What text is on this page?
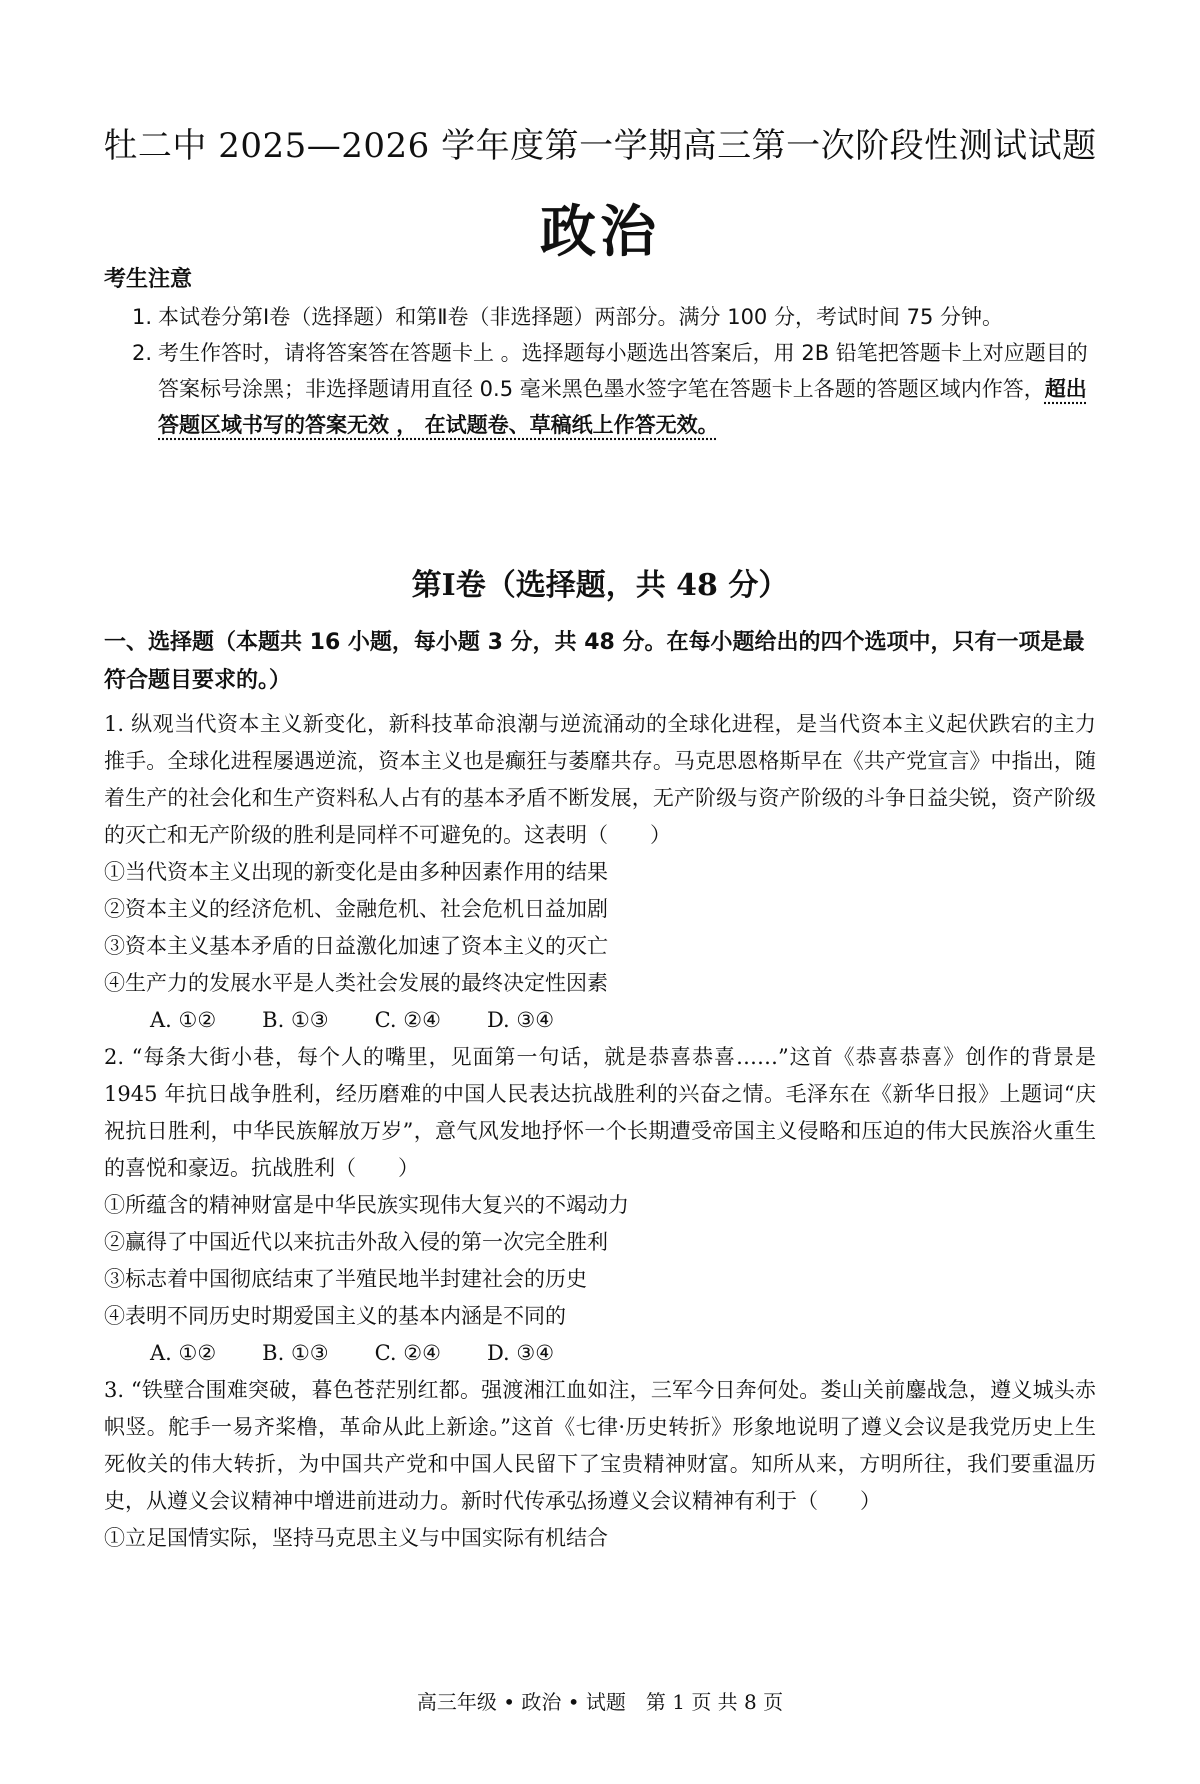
牡二中 2025—2026 学年度第一学期高三第一次阶段性测试试题
政治
考生注意
1. 本试卷分第Ⅰ卷（选择题）和第Ⅱ卷（非选择题）两部分。满分 100 分，考试时间 75 分钟。
2. 考生作答时，请将答案答在答题卡上 。选择题每小题选出答案后，用 2B 铅笔把答题卡上对应题目的答案标号涂黑；非选择题请用直径 0.5 毫米黑色墨水签字笔在答题卡上各题的答题区域内作答，超出答题区域书写的答案无效 ， 在试题卷、草稿纸上作答无效。
第Ⅰ卷（选择题，共 48 分）
一、选择题（本题共 16 小题，每小题 3 分，共 48 分。在每小题给出的四个选项中，只有一项是最符合题目要求的。）
1. 纵观当代资本主义新变化，新科技革命浪潮与逆流涌动的全球化进程，是当代资本主义起伏跌宕的主力推手。全球化进程屡遇逆流，资本主义也是癫狂与萎靡共存。马克思恩格斯早在《共产党宣言》中指出，随着生产的社会化和生产资料私人占有的基本矛盾不断发展，无产阶级与资产阶级的斗争日益尖锐，资产阶级的灭亡和无产阶级的胜利是同样不可避免的。这表明（　　）
①当代资本主义出现的新变化是由多种因素作用的结果
②资本主义的经济危机、金融危机、社会危机日益加剧
③资本主义基本矛盾的日益激化加速了资本主义的灭亡
④生产力的发展水平是人类社会发展的最终决定性因素
A. ①② B. ①③ C. ②④ D. ③④
2. “每条大街小巷，每个人的嘴里，见面第一句话，就是恭喜恭喜……”这首《恭喜恭喜》创作的背景是 1945 年抗日战争胜利，经历磨难的中国人民表达抗战胜利的兴奋之情。毛泽东在《新华日报》上题词“庆祝抗日胜利，中华民族解放万岁”，意气风发地抒怀一个长期遭受帝国主义侵略和压迫的伟大民族浴火重生的喜悦和豪迈。抗战胜利（　　）
①所蕴含的精神财富是中华民族实现伟大复兴的不竭动力
②赢得了中国近代以来抗击外敌入侵的第一次完全胜利
③标志着中国彻底结束了半殖民地半封建社会的历史
④表明不同历史时期爱国主义的基本内涵是不同的
A. ①② B. ①③ C. ②④ D. ③④
3. “铁壁合围难突破，暮色苍茫别红都。强渡湘江血如注，三军今日奔何处。娄山关前鏖战急，遵义城头赤帜竖。舵手一易齐桨橹，革命从此上新途。”这首《七律·历史转折》形象地说明了遵义会议是我党历史上生死攸关的伟大转折，为中国共产党和中国人民留下了宝贵精神财富。知所从来，方明所往，我们要重温历史，从遵义会议精神中增进前进动力。新时代传承弘扬遵义会议精神有利于（　　）
①立足国情实际，坚持马克思主义与中国实际有机结合
高三年级 • 政治 • 试题　第 1 页 共 8 页
